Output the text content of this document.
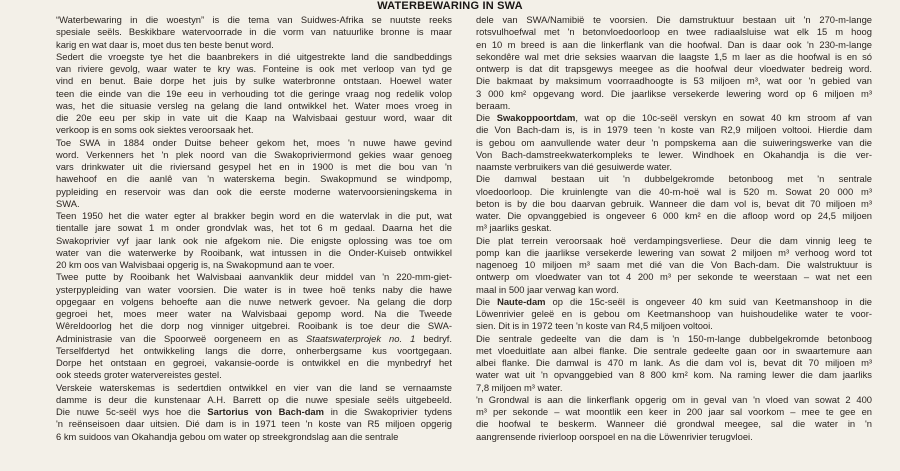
WATERBEWARING IN SWA
“Waterbewaring in die woestyn” is die tema van Suidwes-Afrika se nuutste reeks
spesiale seëls. Beskikbare watervoorrade in die vorm van natuurlike bronne is maar
karig en wat daar is, moet dus ten beste benut word.
Sedert die vroegste tye het die baanbrekers in dié uitgestrekte land die sandbeddings
van riviere gevolg, waar water te kry was. Fonteine is ook met verloop van tyd ge
vind en benut. Baie dorpe het juis by sulke waterbronne ontstaan. Hoewel water
teen die einde van die 19e eeu in verhouding tot die geringe vraag nog redelik volop
was, het die situasie versleg na gelang die land ontwikkel het. Water moes vroeg in
die 20e eeu per skip in vate uit die Kaap na Walvisbaai gestuur word, waar dit
verkoop is en soms ook siektes veroorsaak het.
Toe SWA in 1884 onder Duitse beheer gekom het, moes 'n nuwe hawe gevind
word. Verkenners het 'n plek noord van die Swakopriviermond gekies waar genoeg
vars drinkwater uit die riviersand gesypel het en in 1900 is met die bou van 'n
hawehoof en die aanlê van 'n waterskema begin. Swakopmund se windpomp,
pypleiding en reservoir was dan ook die eerste moderne watervoorsieningskema in
SWA.
Teen 1950 het die water egter al brakker begin word en die watervlak in die put, wat
tientalle jare sowat 1 m onder grondvlak was, het tot 6 m gedaal. Daarna het die
Swakoprivier vyf jaar lank ook nie afgekom nie. Die enigste oplossing was toe om
water van die waterwerke by Rooibank, wat intussen in die Onder-Kuiseb ontwikkel
20 km oos van Walvisbaai opgerig is, na Swakopmund aan te voer.
Twee putte by Rooibank het Walvisbaai aanvanklik deur middel van 'n 220-mm-giet-
ysterpypleiding van water voorsien. Die water is in twee hoë tenks naby die hawe
opgegaar en volgens behoefte aan die nuwe netwerk gevoer. Na gelang die dorp
gegroei het, moes meer water na Walvisbaai gepomp word. Na die Tweede
Wêreldoorlog het die dorp nog vinniger uitgebrei. Rooibank is toe deur die SWA-
Administrasie van die Spoorweë oorgeneem en as Staatswaterprojek no. 1 bedryf.
Terselfdertyd het ontwikkeling langs die dorre, onherbergsame kus voortgegaan.
Dorpe het ontstaan en gegroei, vakansie-oorde is ontwikkel en die mynbedryf het
ook steeds groter watervereistes gestel.
Verskeie waterskemas is sedertdien ontwikkel en vier van die land se vernaamste
damme is deur die kunstenaar A.H. Barrett op die nuwe spesiale seëls uitgebeeld.
Die nuwe 5c-seël wys hoe die Sartorius von Bach-dam in die Swakoprivier tydens
'n reënseisoen daar uitsien. Dié dam is in 1971 teen 'n koste van R5 miljoen opgerig
6 km suidoos van Okahandja gebou om water op streekgrondslag aan die sentrale
dele van SWA/Namibië te voorsien. Die damstruktuur bestaan uit 'n 270-m-lange
rotsvulhoefwal met 'n betonvloedoorloop en twee radiaalsluise wat elk 15 m hoog
en 10 m breed is aan die linkerflank van die hoofwal. Dan is daar ook 'n 230-m-lange
sekondêre wal met drie seksies waarvan die laagste 1,5 m laer as die hoofwal is en só
ontwerp is dat dit trapsgewys meegee as die hoofwal deur vloedwater bedreig word.
Die bakmaat by maksimum voorraadhoogte is 53 miljoen m³, wat oor 'n gebied van
3 000 km² opgevang word. Die jaarlikse versekerde lewering word op 6 miljoen m³
beraam.
Die Swakoppoortdam, wat op die 10c-seël verskyn en sowat 40 km stroom af van
die Von Bach-dam is, is in 1979 teen 'n koste van R2,9 miljoen voltooi. Hierdie dam
is gebou om aanvullende water deur 'n pompskema aan die suiweringswerke van die
Von Bach-damstreekwaterkompleks te lewer. Windhoek en Okahandja is die ver-
naamste verbruikers van dié gesuiwerde water.
Die damwal bestaan uit 'n dubbelgekromde betonboog met 'n sentrale
vloedoorloop. Die kruinlengte van die 40-m-hoë wal is 520 m. Sowat 20 000 m³
beton is by die bou daarvan gebruik. Wanneer die dam vol is, bevat dit 70 miljoen m³
water. Die opvanggebied is ongeveer 6 000 km² en die afloop word op 24,5 miljoen
m³ jaarliks geskat.
Die plat terrein veroorsaak hoë verdampingsverliese. Deur die dam vinnig leeg te
pomp kan die jaarlikse versekerde lewering van sowat 2 miljoen m³ verhoog word tot
nagenoeg 10 miljoen m³ saam met dié van die Von Bach-dam. Die walstruktuur is
ontwerp om vloedwater van tot 4 200 m³ per sekonde te weerstaan – wat net een
maal in 500 jaar verwag kan word.
Die Naute-dam op die 15c-seël is ongeveer 40 km suid van Keetmanshoop in die
Löwenrivier geleë en is gebou om Keetmanshoop van huishoudelike water te voor-
sien. Dit is in 1972 teen 'n koste van R4,5 miljoen voltooi.
Die sentrale gedeelte van die dam is 'n 150-m-lange dubbelgekromde betonboog
met vloeduitlate aan albei flanke. Die sentrale gedeelte gaan oor in swaartemure aan
albei flanke. Die damwal is 470 m lank. As die dam vol is, bevat dit 70 miljoen m³
water wat uit 'n opvanggebied van 8 800 km² kom. Na raming lewer die dam jaarliks
7,8 miljoen m³ water.
'n Grondwal is aan die linkerflank opgerig om in geval van 'n vloed van sowat 2 400
m³ per sekonde – wat moontlik een keer in 200 jaar sal voorkom – mee te gee en
die hoofwal te beskerm. Wanneer dié grondwal meegee, sal die water in 'n
aangrensende rivierloop oorspoel en na die Löwenrivier terugvloei.
